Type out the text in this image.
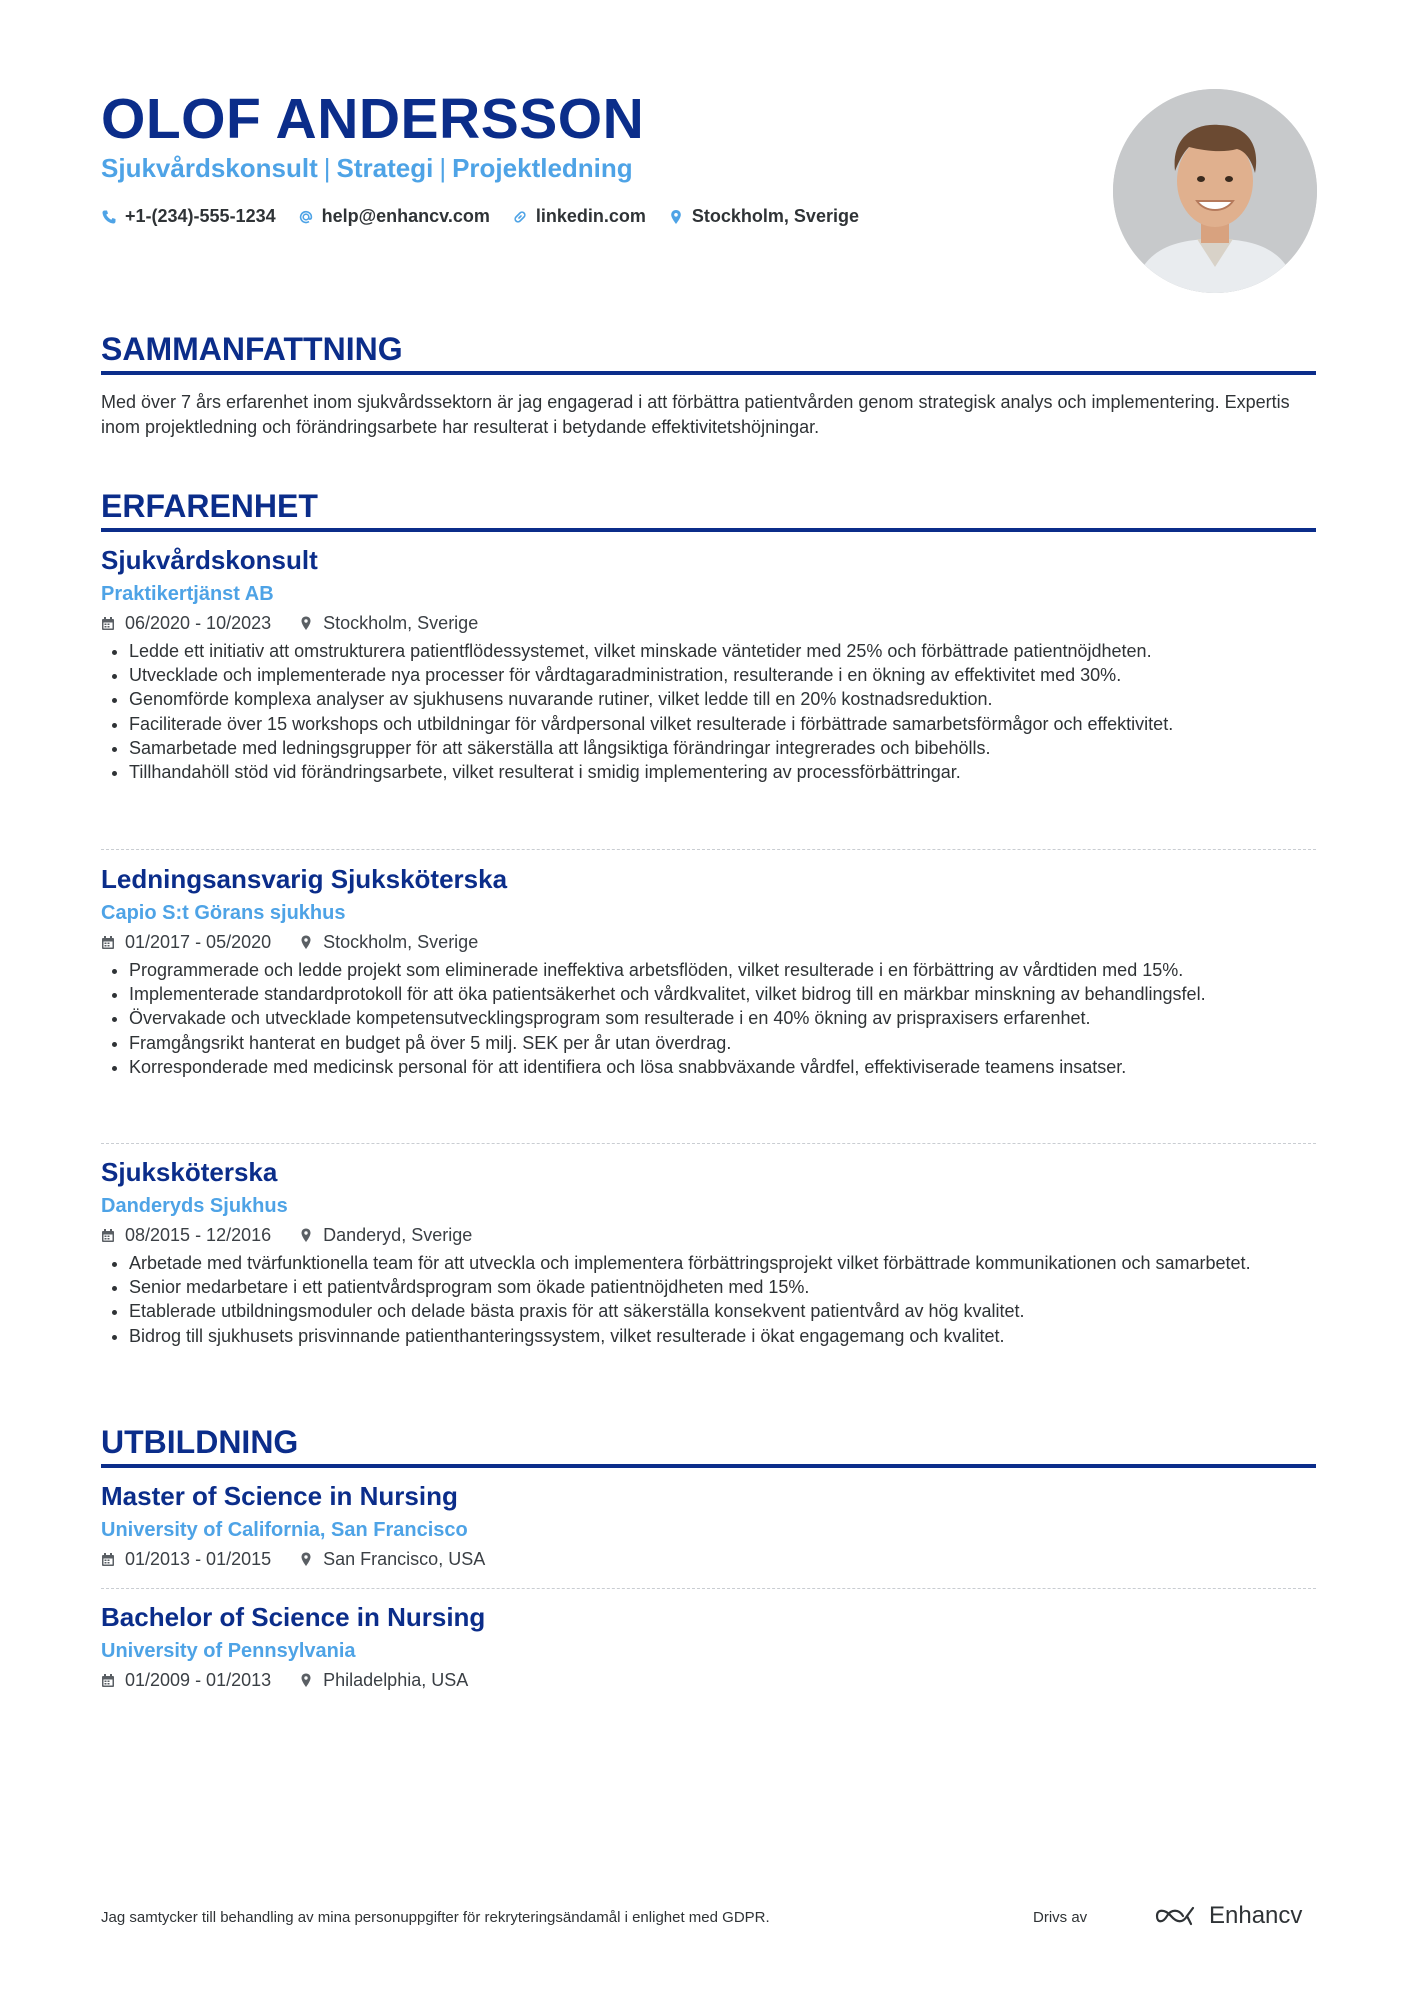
OLOF ANDERSSON
Sjukvårdskonsult | Strategi | Projektledning
+1-(234)-555-1234	help@enhancv.com	linkedin.com	Stockholm, Sverige
SAMMANFATTNING

Med över 7 års erfarenhet inom sjukvårdssektorn är jag engagerad i att förbättra patientvården genom strategisk analys och implementering. Expertis inom projektledning och förändringsarbete har resulterat i betydande effektivitetshöjningar.

ERFARENHET
Sjukvårdskonsult
Praktikertjänst AB
06/2020 - 10/2023	Stockholm, Sverige
• Ledde ett initiativ att omstrukturera patientflödessystemet, vilket minskade väntetider med 25% och förbättrade patientnöjdheten.
• Utvecklade och implementerade nya processer för vårdtagaradministration, resulterande i en ökning av effektivitet med 30%.
• Genomförde komplexa analyser av sjukhusens nuvarande rutiner, vilket ledde till en 20% kostnadsreduktion.
• Faciliterade över 15 workshops och utbildningar för vårdpersonal vilket resulterade i förbättrade samarbetsförmågor och effektivitet.
• Samarbetade med ledningsgrupper för att säkerställa att långsiktiga förändringar integrerades och bibehölls.
• Tillhandahöll stöd vid förändringsarbete, vilket resulterat i smidig implementering av processförbättringar.
Ledningsansvarig Sjuksköterska
Capio S:t Görans sjukhus
01/2017 - 05/2020	Stockholm, Sverige
• Programmerade och ledde projekt som eliminerade ineffektiva arbetsflöden, vilket resulterade i en förbättring av vårdtiden med 15%.
• Implementerade standardprotokoll för att öka patientsäkerhet och vårdkvalitet, vilket bidrog till en märkbar minskning av behandlingsfel.
• Övervakade och utvecklade kompetensutvecklingsprogram som resulterade i en 40% ökning av prispraxisers erfarenhet.
• Framgångsrikt hanterat en budget på över 5 milj. SEK per år utan överdrag.
• Korresponderade med medicinsk personal för att identifiera och lösa snabbväxande vårdfel, effektiviserade teamens insatser.
Sjuksköterska
Danderyds Sjukhus
08/2015 - 12/2016	Danderyd, Sverige
• Arbetade med tvärfunktionella team för att utveckla och implementera förbättringsprojekt vilket förbättrade kommunikationen och samarbetet.
• Senior medarbetare i ett patientvårdsprogram som ökade patientnöjdheten med 15%.
• Etablerade utbildningsmoduler och delade bästa praxis för att säkerställa konsekvent patientvård av hög kvalitet.
• Bidrog till sjukhusets prisvinnande patienthanteringssystem, vilket resulterade i ökat engagemang och kvalitet.
UTBILDNING
Master of Science in Nursing
University of California, San Francisco
01/2013 - 01/2015	San Francisco, USA
Bachelor of Science in Nursing
University of Pennsylvania
01/2009 - 01/2013	Philadelphia, USA
Jag samtycker till behandling av mina personuppgifter för rekryteringsändamål i enlighet med GDPR.	Drivs av	Enhancv
